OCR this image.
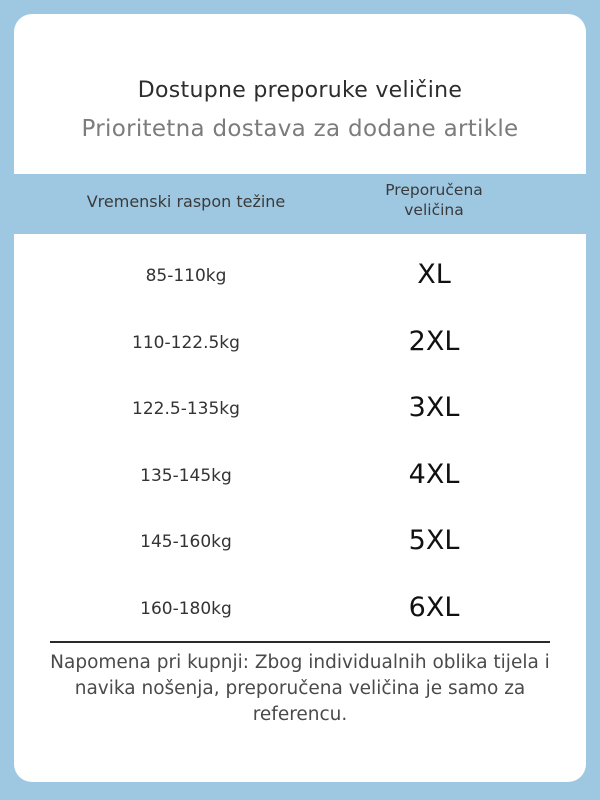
Dostupne preporuke veličine
Prioritetna dostava za dodane artikle
Vremenski raspon težine
Preporučena veličina
85-110kg	XL
110-122.5kg	2XL
122.5-135kg	3XL
135-145kg	4XL
145-160kg	5XL
160-180kg	6XL
Napomena pri kupnji: Zbog individualnih oblika tijela i navika nošenja, preporučena veličina je samo za referencu.
